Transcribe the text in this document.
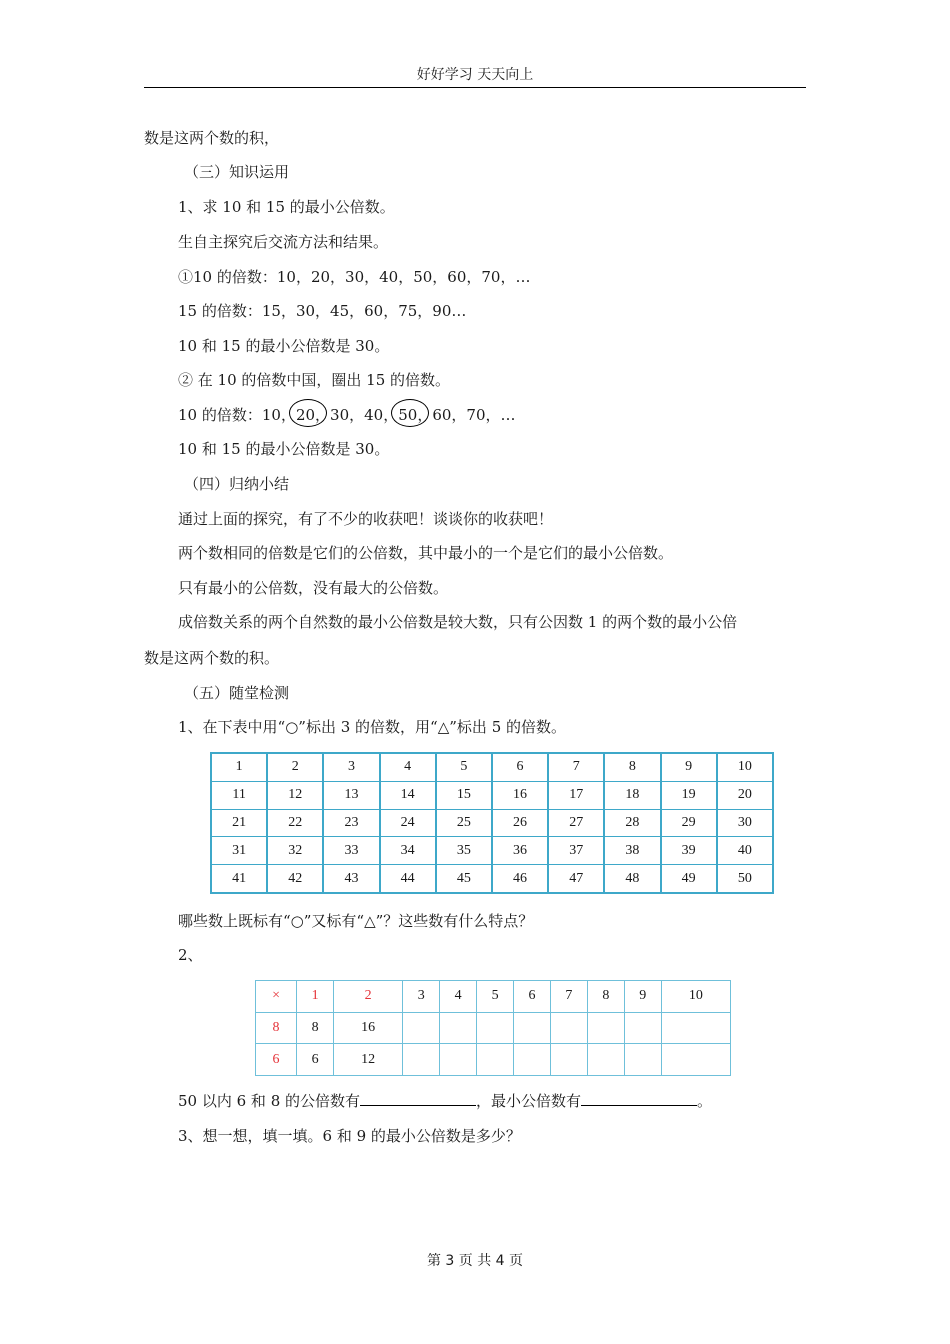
好好学习 天天向上
数是这两个数的积，
（三）知识运用
1、求 10 和 15 的最小公倍数。
生自主探究后交流方法和结果。
①10 的倍数：10，20，30，40，50，60，70，…
15 的倍数：15，30，45，60，75，90…
10 和 15 的最小公倍数是 30。
② 在 10 的倍数中国，圈出 15 的倍数。
10 的倍数：10，20，30，40，50，60，70，…
10 和 15 的最小公倍数是 30。
（四）归纳小结
通过上面的探究，有了不少的收获吧！谈谈你的收获吧！
两个数相同的倍数是它们的公倍数，其中最小的一个是它们的最小公倍数。
只有最小的公倍数，没有最大的公倍数。
成倍数关系的两个自然数的最小公倍数是较大数，只有公因数 1 的两个数的最小公倍
数是这两个数的积。
（五）随堂检测
1、在下表中用“○”标出 3 的倍数，用“△”标出 5 的倍数。
1	2	3	4	5	6	7	8	9	10
11	12	13	14	15	16	17	18	19	20
21	22	23	24	25	26	27	28	29	30
31	32	33	34	35	36	37	38	39	40
41	42	43	44	45	46	47	48	49	50
哪些数上既标有“○”又标有“△”？这些数有什么特点？
2、
×	1	2	3	4	5	6	7	8	9	10
8	8	16								
6	6	12								
50 以内 6 和 8 的公倍数有	，最小公倍数有	。
3、想一想，填一填。6 和 9 的最小公倍数是多少？
第 3 页 共 4 页
